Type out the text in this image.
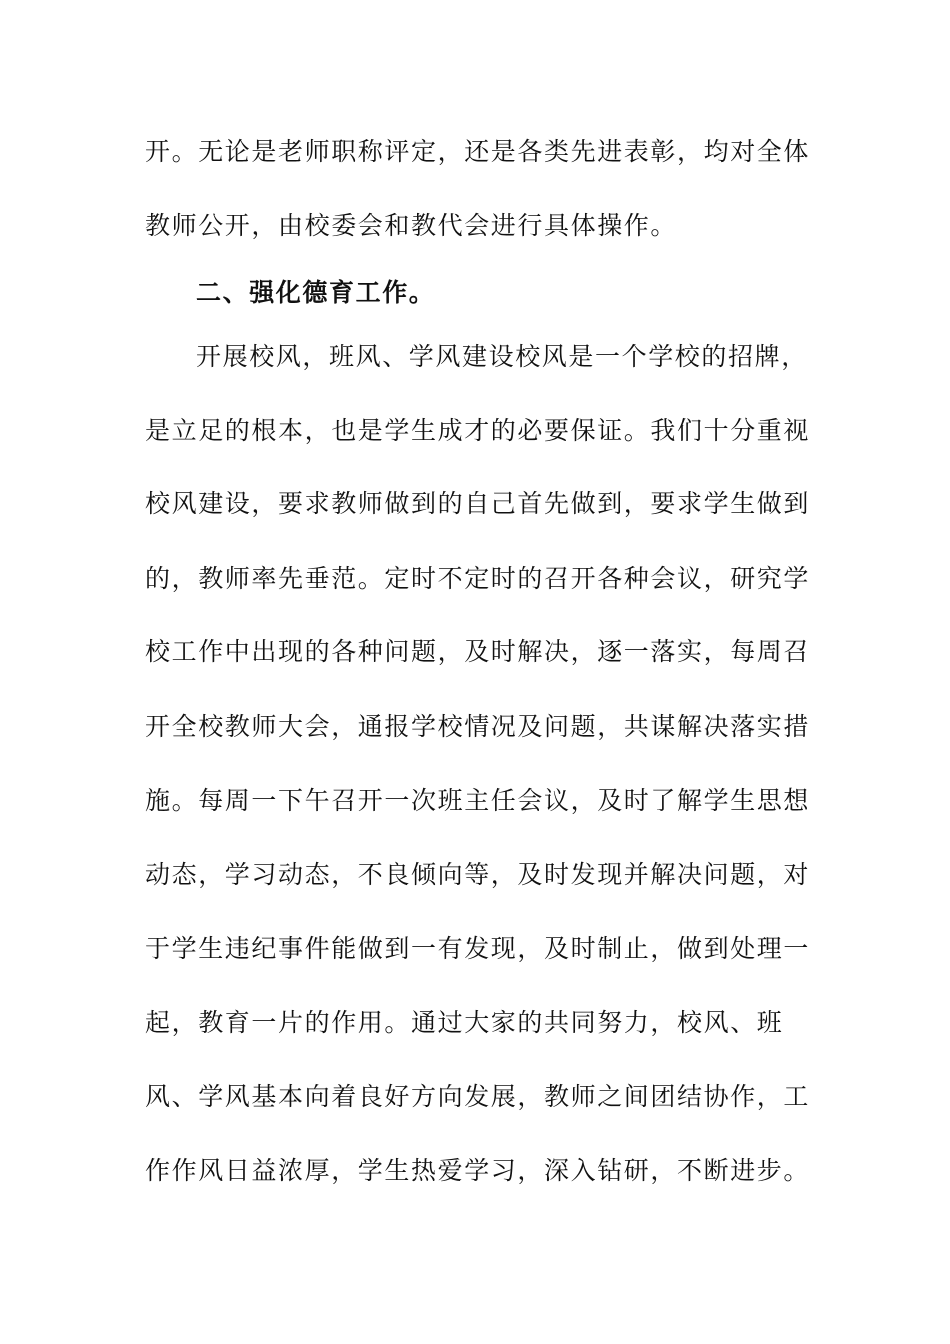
开。无论是老师职称评定，还是各类先进表彰，均对全体
教师公开，由校委会和教代会进行具体操作。
二、强化德育工作。
开展校风，班风、学风建设校风是一个学校的招牌，
是立足的根本，也是学生成才的必要保证。我们十分重视
校风建设，要求教师做到的自己首先做到，要求学生做到
的，教师率先垂范。定时不定时的召开各种会议，研究学
校工作中出现的各种问题，及时解决，逐一落实，每周召
开全校教师大会，通报学校情况及问题，共谋解决落实措
施。每周一下午召开一次班主任会议，及时了解学生思想
动态，学习动态，不良倾向等，及时发现并解决问题，对
于学生违纪事件能做到一有发现，及时制止，做到处理一
起，教育一片的作用。通过大家的共同努力，校风、班
风、学风基本向着良好方向发展，教师之间团结协作，工
作作风日益浓厚，学生热爱学习，深入钻研，不断进步。
